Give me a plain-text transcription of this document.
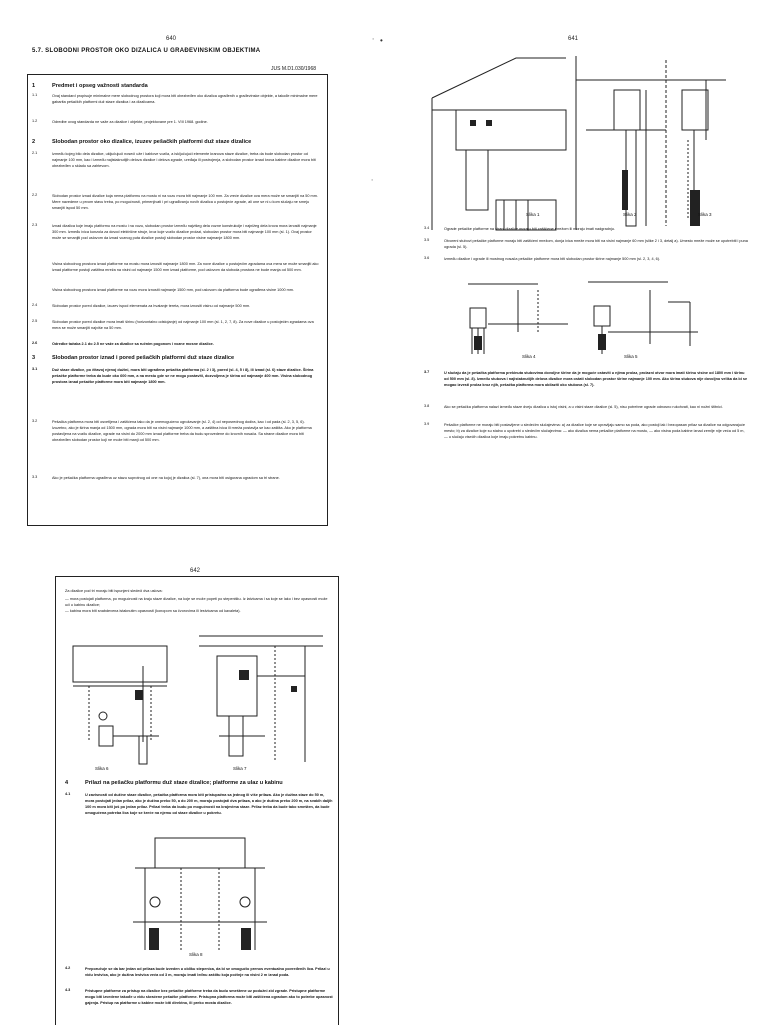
640
5.7. SLOBODNI PROSTOR OKO DIZALICA U GRAĐEVINSKIM OBJEKTIMA
JUS M.D1.030/1968
1	Predmet i opseg važnosti standarda
1.1	Ovaj standard propisuje minimalne mere slobodnog prostora koji mora biti obezbeđen oko dizalica ugrađenih u građevinske objekte, a takođe minimalne mere gabarita pešačkih platformi duž staze dizalica i za dizalicama.
1.2	Odredbe ovog standarda ne važe za dizalice i objekte, projektovane pre 1. VIII 1968. godine.
2	Slobodan prostor oko dizalice, izuzev pešačkih platformi duž staze dizalice
2.1	Između kojeg bilo dela dizalice, uključujući noseći uže i kablove vozila, a isključujući elemente kranova staze dizalice, treba da bude slobodan prostor od najmanje 100 mm, kao i između najistaknutijih delova dizalice i delova zgrade, uređaja ili postrojenja, a slobodan prostor iznad krova kabine dizalice mora biti obezbeđen u skladu sa zahtevom.
2.2	Slobodan prostor iznad dizalice koja nema platformu na mostu ni na vozu mora biti najmanje 100 mm. Za vreće dizalice ova mera može se smanjiti na 50 mm. Mere navedene u prvom stavu treba, po mogućnosti, primenjivati i pri ugrađivanju novih dizalica u postojeće zgrade, ali one se ni u kom slučaju ne smeju smanjiti ispod 50 mm.
2.3	Iznad dizalica koje imaju platformu na mostu i na vozu, slobodan prostor između najvišeg dela vozne konstrukcije i najnižeg dela krova mora iznositi najmanje 300 mm. Između ivica konzola za dovod električne struje, kroz koje vozilo dizalice prolazi, slobodan prostor mora biti najmanje 100 mm (sl. 1). Ovaj prostor može se smanjiti pod uslovom da iznad voznog puta dizalice postoji slobodan prostor visine najmanje 1800 mm.
Visina slobodnog prostora iznad platforme na mostu mora iznositi najmanje 1800 mm. Za nove dizalice u postojećim zgradama ova mera se može smanjiti ako iznad platforme postoji zaštitna mreža na visini od najmanje 1500 mm iznad platforme, pod uslovom da sloboda prostora ne bude manja od 500 mm.
Visina slobodnog prostora iznad platforme na vozu mora iznositi najmanje 1500 mm, pod uslovom da platforma bude ograđena visine 1000 mm.
2.4	Slobodan prostor pored dizalice, izuzev ispod elemenata za hvatanje tereta, mora iznositi visinu od najmanje 500 mm.
2.5	Slobodan prostor pored dizalice mora imati širinu (horizontalno odstojanje) od najmanje 100 mm (sl. 1, 2, 7, 8). Za nove dizalice u postojećim zgradama ova mera se može smanjiti najviše na 50 mm.
2.6	Odredbe tačaka 2.1 do 2.5 ne važe za dizalice sa ručnim pogonom i vozne mosne dizalice.
3	Slobodan prostor iznad i pored pešačkih platformi duž staze dizalice
3.1	Duž staze dizalice, po čitavoj njenoj dužini, mora biti ugrađena pešačka platforma (sl. 2 i 3), pored (sl. 4, 5 i 8), ili iznad (sl. 6) staze dizalice. Širina pešačke platforme treba da bude oko 600 mm, a na mestu gde se ne mogu postaviti, dozvoljena je širina od najmanje 400 mm. Visina slobodnog prostora iznad pešačke platforme mora biti najmanje 1800 mm.
3.2	Pešačka platforma mora biti osvetljena i zaštićena tako da je onemogućeno ugrožavanje (sl. 2, 4) od neposrednog dodira, kao i od pada (sl. 2, 3, 5, 6). Izuzetno, ako je širina manja od 1500 mm, ograda mora biti na visini najmanje 1000 mm, a zaštitna ivica ili mreža postavlja se kao zaštita. Ako je platforma postavljena na vozilu dizalice, ograde na visini do 2000 mm iznad platforme treba da budu sprovedene do krovnih nosača. Sa strane dizalice mora biti obezbeđen slobodan prostor koji ne može biti manji od 500 mm.
3.3	Ako je pešačka platforma ugrađena uz stazu suprotnog od one na kojoj je dizalica (sl. 7), ona mora biti osigurana ogradom sa tri strane.
∙
∙
641
Slika 1	Slika 2	Slika 3
3.4	Ograde pešačke platforme na strani dizalice moraju biti zaštićene mrežom ili moraju imati nadgradnju.
3.5	Otvoreni stubovi pešačke platforme moraju biti zaštićeni mrežom, donja ivica mreže mora biti na visini najmanje 60 mm (slike 2 i 3, detalj a). Umesto mreže može se upotrebiti i puna ograda (sl. 5).
3.6	Između dizalice i ograde ili mostnog nosača pešačke platforme mora biti slobodan prostor širine najmanje 500 mm (sl. 2, 3, 4, 6).
Slika 4	Slika 5
3.7	U slučaju da je pešačka platforma prekinuta stubovima dovoljne širine da je moguće ostaviti u njima prolaz, prolazni otvor mora imati širinu visine od 1800 mm i širinu od 500 mm (sl. 8). Između stubova i najistaknutijih delova dizalice mora ostati slobodan prostor širine najmanje 100 mm. Ako širina stubova nije dovoljno velika da bi se mogao izvesti prolaz kroz njih, pešačka platforma mora obilaziti oko stubova (sl. 7).
3.8	Ako se pešačka platforma nalazi između staze dveju dizalica u istoj visini, a u visini staze dizalice (sl. 5), nisu potrebne ograde odnosno rukohvati, kao ni nožni štitnici.
3.9	Pešačke platforme ne moraju biti postavljene u sledećim slučajevima: a) za dizalice koje se upravljaju samo sa poda, ako postoji lak i bezopasan prilaz sa dizalice na odgovarajuće mesto; b) za dizalice koje su stalno u upotrebi u sledećim slučajevima: — ako dizalica nema pešačke platforme na mostu, — ako visina poda kabine iznad zemlje nije veća od 5 m, — u slučaju visećih dizalica koje imaju pokretnu kabinu.
•
642
Za dizalice pod tri moraju biti ispunjeni sledeći dva uslova:
— mora postojati platforma, po mogućnosti na kraju staze dizalice, na koje se može popeti po stepeništu. Iz latvicama i sa koje se lako i bez opasnosti može ući u kabinu dizalice;
— kabina mora biti snabdevena istaknutim opasnosti (konopom sa čvorovima ili lestvicama od kavaleta).
Slika 6	Slika 7
4	Prilazi na pešačku platformu duž staze dizalice; platforme za ulaz u kabinu
4.1	U zavisnosti od dužine staze dizalice, pešačka platforma mora biti pristupačna sa jednog ili više prilaza. Ako je dužina staze do 50 m, mora postojati jedan prilaz, ako je dužina preko 50, a do 200 m, moraju postojati dva prilaza, a ako je dužina preko 200 m, na svakih daljih 100 m mora biti još po jedan prilaz. Prilazi treba da budu po mogućnosti na krajevima staze. Prilaz treba da bude tako smešten, da bude omogućena potreba lica koje se kreće na njemu od staze dizalice u pokretu.
Slika 8
4.2	Preporučuje se da bar jedan od prilaza bude izveden u obliku stepenica, da bi se omogućio prenos eventualno povređenih lica. Prilazi u vidu lestvica, ako je dužina lestvica veća od 3 m, moraju imati leđnu zaštitu koja počinje na visini 2 m iznad poda.
4.3	Pristupne platforme za pristup na dizalice bez pešačke platforme treba da budu smeštene uz podužni zid zgrade. Pristupne platforme mogu biti izvedene takođe u vidu skraćene pešačke platforme. Pristupna platforma može biti zaštićena ogradom ako to potrebe opasnost gajenja. Pristup na platforme u kabine može biti direktno, ili preko mosta dizalice.
